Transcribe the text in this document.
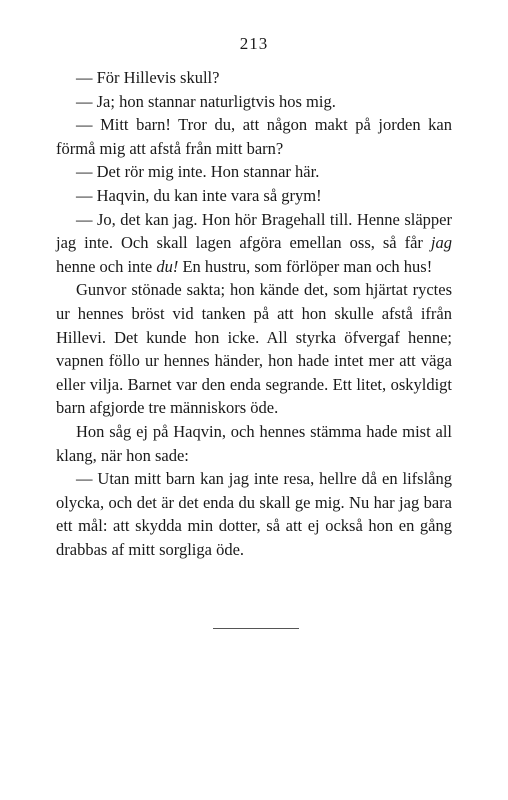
213

— För Hillevis skull?

— Ja; hon stannar naturligtvis hos mig.

— Mitt barn! Tror du, att någon makt på jorden kan förmå mig att afstå från mitt barn?

— Det rör mig inte. Hon stannar här.

— Haqvin, du kan inte vara så grym!

— Jo, det kan jag. Hon hör Bragehall till. Henne släpper jag inte. Och skall lagen afgöra emellan oss, så får jag henne och inte du! En hustru, som förlöper man och hus!

Gunvor stönade sakta; hon kände det, som hjärtat ryctes ur hennes bröst vid tanken på att hon skulle afstå ifrån Hillevi. Det kunde hon icke. All styrka öfvergaf henne; vapnen föllo ur hennes händer, hon hade intet mer att väga eller vilja. Barnet var den enda segrande. Ett litet, oskyldigt barn afgjorde tre människors öde.

Hon såg ej på Haqvin, och hennes stämma hade mist all klang, när hon sade:

— Utan mitt barn kan jag inte resa, hellre då en lifslång olycka, och det är det enda du skall ge mig. Nu har jag bara ett mål: att skydda min dotter, så att ej också hon en gång drabbas af mitt sorgliga öde.
